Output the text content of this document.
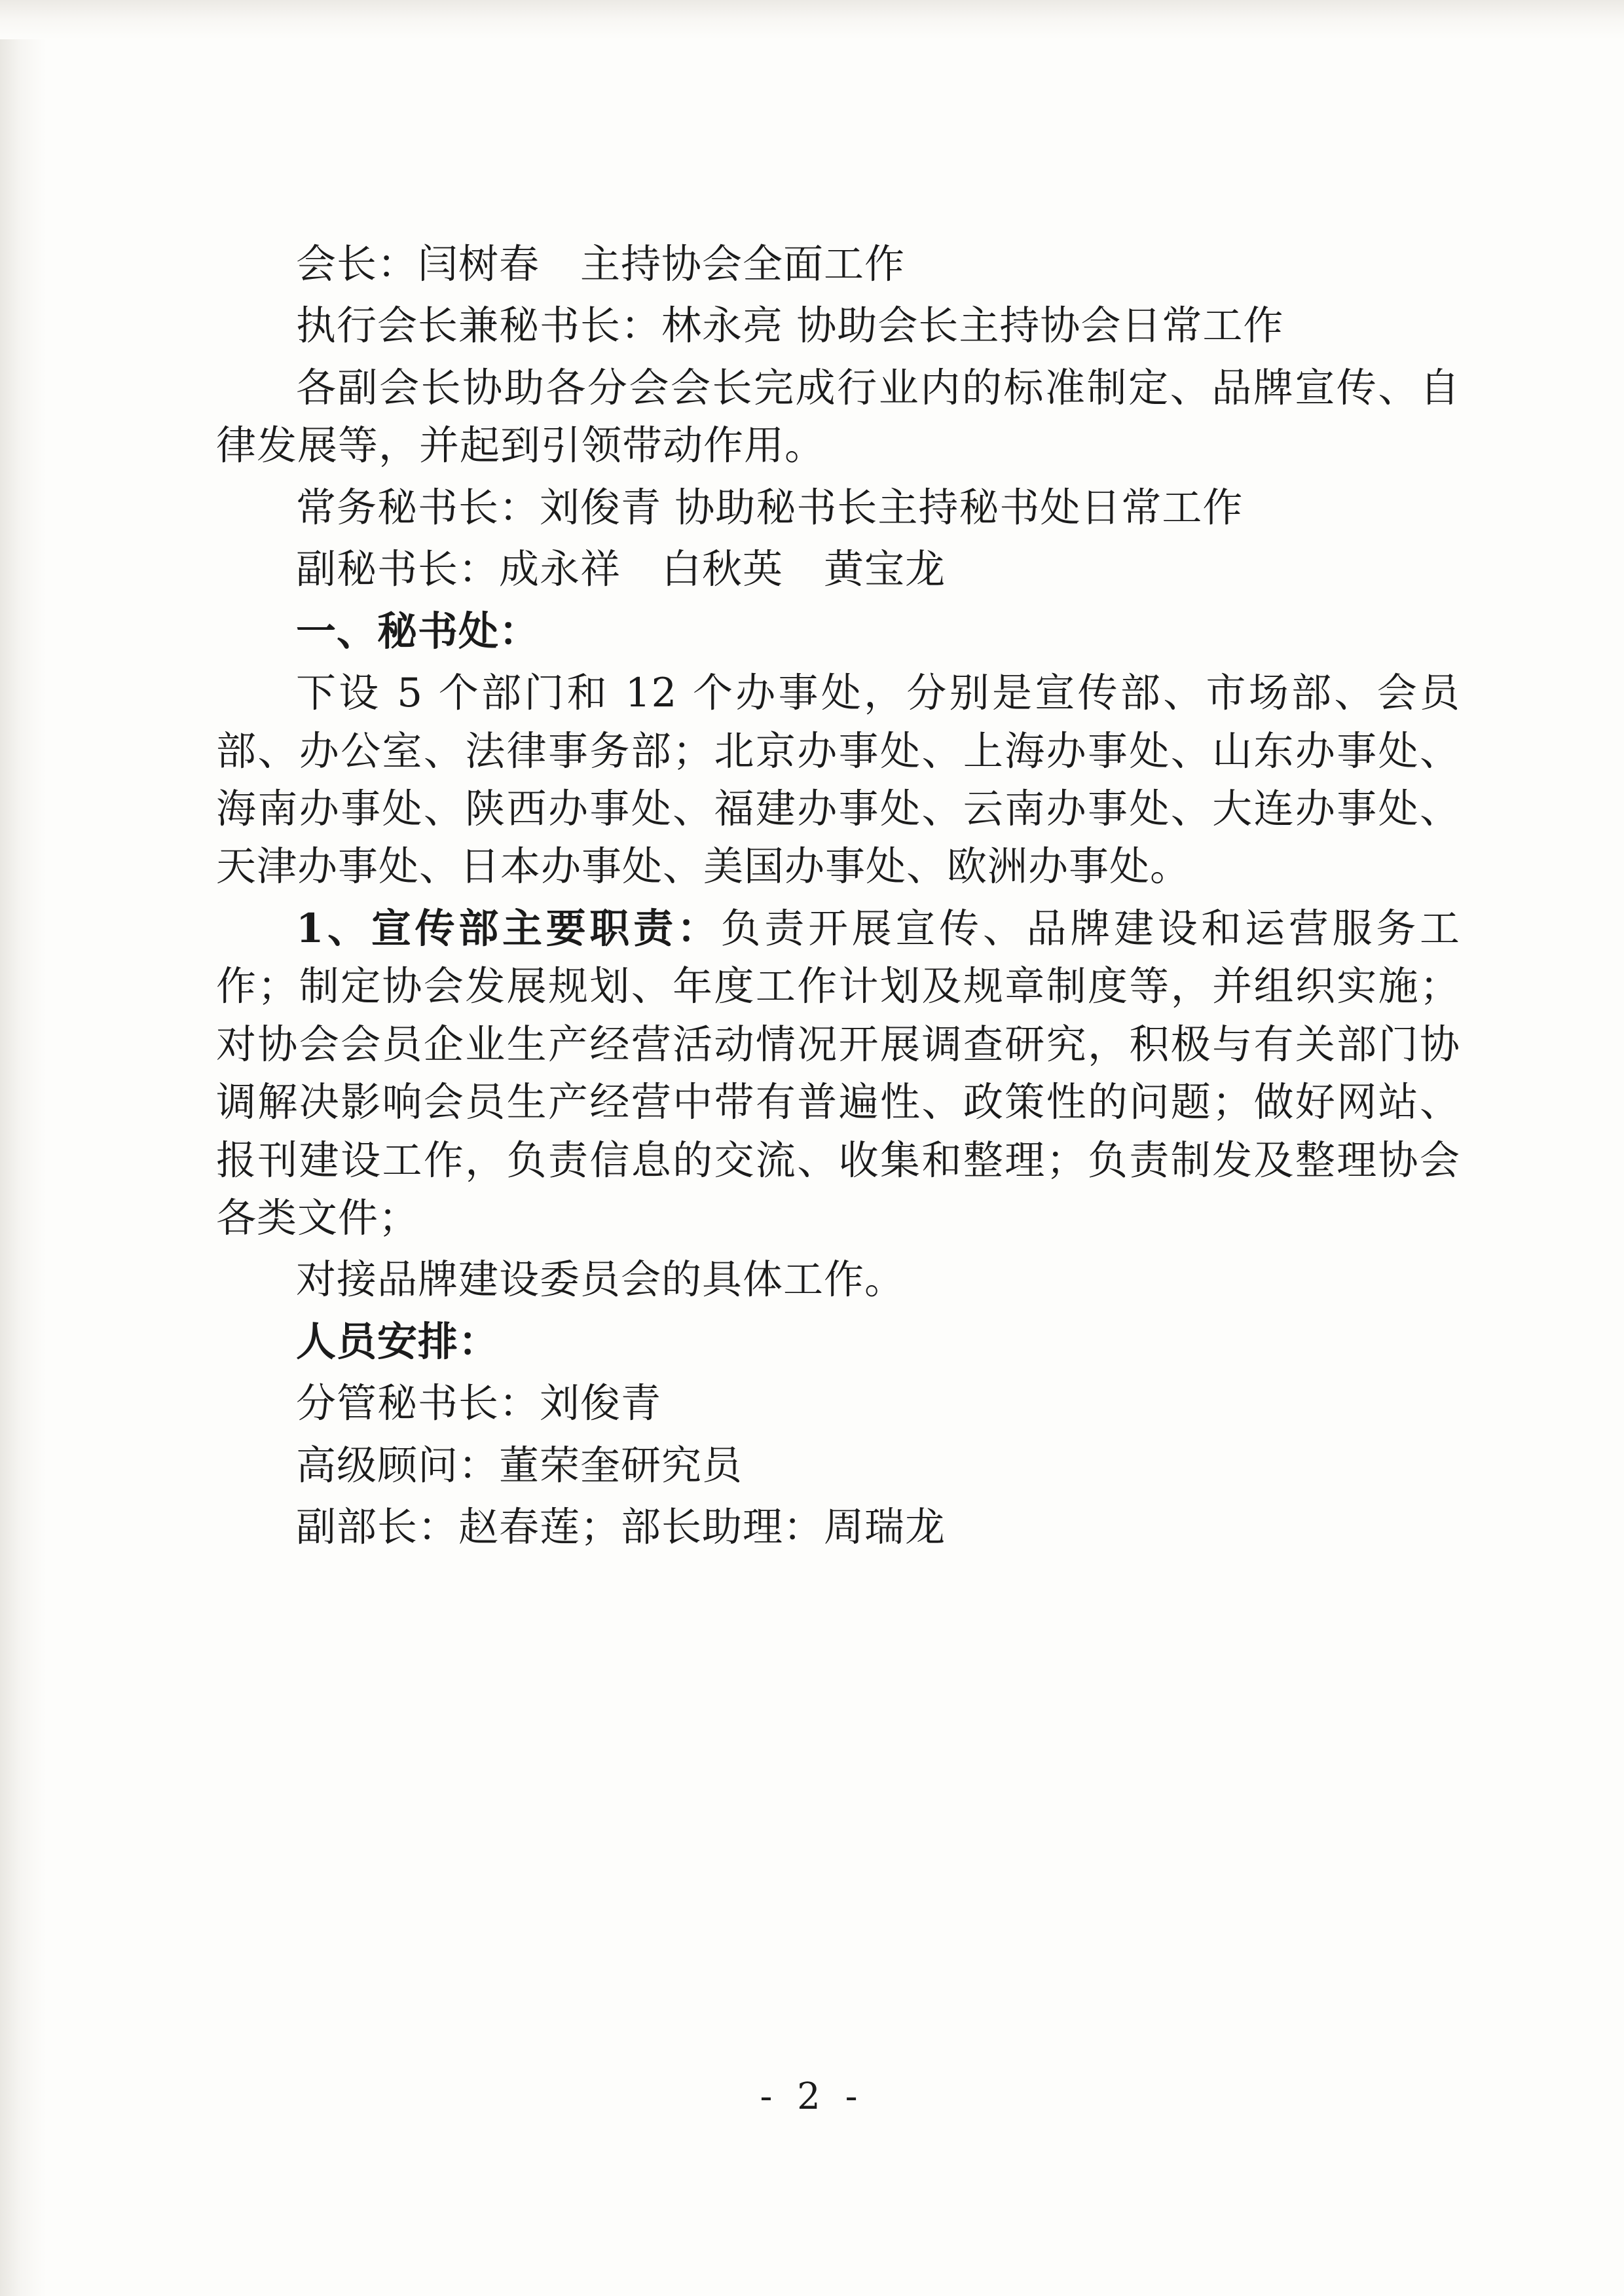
会长：闫树春　主持协会全面工作

执行会长兼秘书长：林永亮 协助会长主持协会日常工作

各副会长协助各分会会长完成行业内的标准制定、品牌宣传、自律发展等，并起到引领带动作用。

常务秘书长：刘俊青 协助秘书长主持秘书处日常工作

副秘书长：成永祥　白秋英　黄宝龙

一、秘书处：

下设 5 个部门和 12 个办事处，分别是宣传部、市场部、会员部、办公室、法律事务部；北京办事处、上海办事处、山东办事处、海南办事处、陕西办事处、福建办事处、云南办事处、大连办事处、天津办事处、日本办事处、美国办事处、欧洲办事处。

1、宣传部主要职责：负责开展宣传、品牌建设和运营服务工作；制定协会发展规划、年度工作计划及规章制度等，并组织实施；对协会会员企业生产经营活动情况开展调查研究，积极与有关部门协调解决影响会员生产经营中带有普遍性、政策性的问题；做好网站、报刊建设工作，负责信息的交流、收集和整理；负责制发及整理协会各类文件；

对接品牌建设委员会的具体工作。

人员安排：

分管秘书长：刘俊青

高级顾问：董荣奎研究员

副部长：赵春莲；部长助理：周瑞龙

- 2 -
